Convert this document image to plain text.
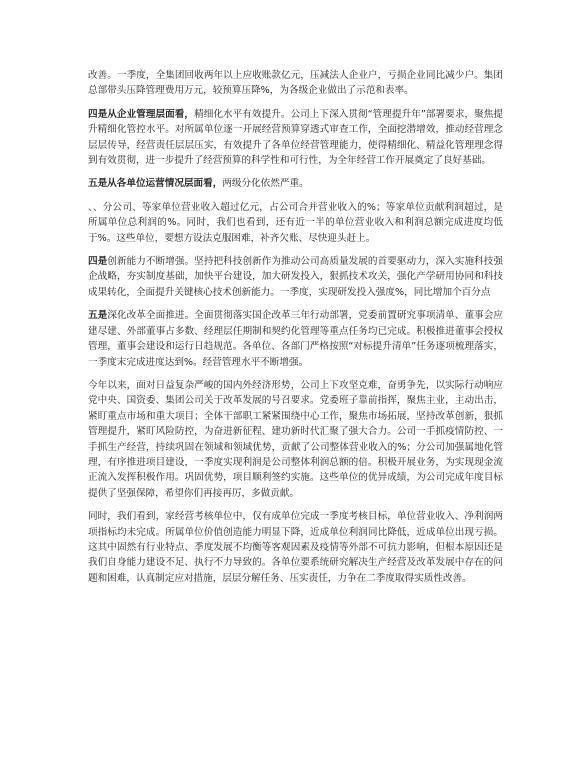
改善。一季度，全集团回收两年以上应收账款亿元，压减法人企业户，亏损企业同比减少户。集团总部带头压降管理费用万元，较预算压降%，为各级企业做出了示范和表率。

四是从企业管理层面看，精细化水平有效提升。公司上下深入贯彻“管理提升年”部署要求，聚焦提升精细化管控水平。对所属单位逐一开展经营预算穿透式审查工作，全面挖潜增效，推动经营理念层层传导，经营责任层层压实，有效提升了各单位经营管理能力，使得精细化、精益化管理理念得到有效贯彻，进一步提升了经营预算的科学性和可行性，为全年经营工作开展奠定了良好基础。

五是从各单位运营情况层面看，两级分化依然严重。

、、分公司、等家单位营业收入超过亿元，占公司合并营业收入的%；等家单位贡献利润超过，是所属单位总利润的%。同时，我们也看到，还有近一半的单位营业收入和利润总额完成进度均低于%。这些单位，要想方设法克服困难，补齐欠账、尽快迎头赶上。

四是创新能力不断增强。坚持把科技创新作为推动公司高质量发展的首要驱动力，深入实施科技强企战略，夯实制度基础，加快平台建设，加大研发投入，狠抓技术攻关，强化产学研用协同和科技成果转化，全面提升关键核心技术创新能力。一季度，实现研发投入强度%，同比增加个百分点

五是深化改革全面推进。全面贯彻落实国企改革三年行动部署，党委前置研究事项清单、董事会应建尽建、外部董事占多数、经理层任期制和契约化管理等重点任务均已完成。积极推进董事会授权管理，董事会建设和运行日趋规范。各单位、各部门严格按照“对标提升清单”任务逐项梳理落实，一季度末完成进度达到%。经营管理水平不断增强。

今年以来，面对日益复杂严峻的国内外经济形势，公司上下攻坚克难，奋勇争先，以实际行动响应党中央、国资委、集团公司关于改革发展的号召要求。党委班子靠前指挥，聚焦主业，主动出击，紧盯重点市场和重大项目；全体干部职工紧紧围绕中心工作，聚焦市场拓展，坚持改革创新，狠抓管理提升，紧盯风险防控，为奋进新征程、建功新时代汇聚了强大合力。公司一手抓疫情防控、一手抓生产经营，持续巩固在领域和领域优势，贡献了公司整体营业收入的%；分公司加强属地化管理，有序推进项目建设，一季度实现利润是公司整体利润总额的倍。积极开展业务，为实现现金流正流入发挥积极作用。巩固优势，项目顺利签约实施。这些单位的优异成绩，为公司完成年度目标提供了坚强保障，希望你们再接再厉，多做贡献。

同时，我们看到，家经营考核单位中，仅有成单位完成一季度考核目标，单位营业收入、净利润两项指标均未完成。所属单位价值创造能力明显下降，近成单位利润同比降低，近成单位出现亏损。这其中固然有行业特点、季度发展不均衡等客观因素及疫情等外部不可抗力影响，但根本原因还是我们自身能力建设不足、执行不力导致的。各单位要系统研究解决生产经营及改革发展中存在的问题和困难，认真制定应对措施，层层分解任务、压实责任，力争在二季度取得实质性改善。
